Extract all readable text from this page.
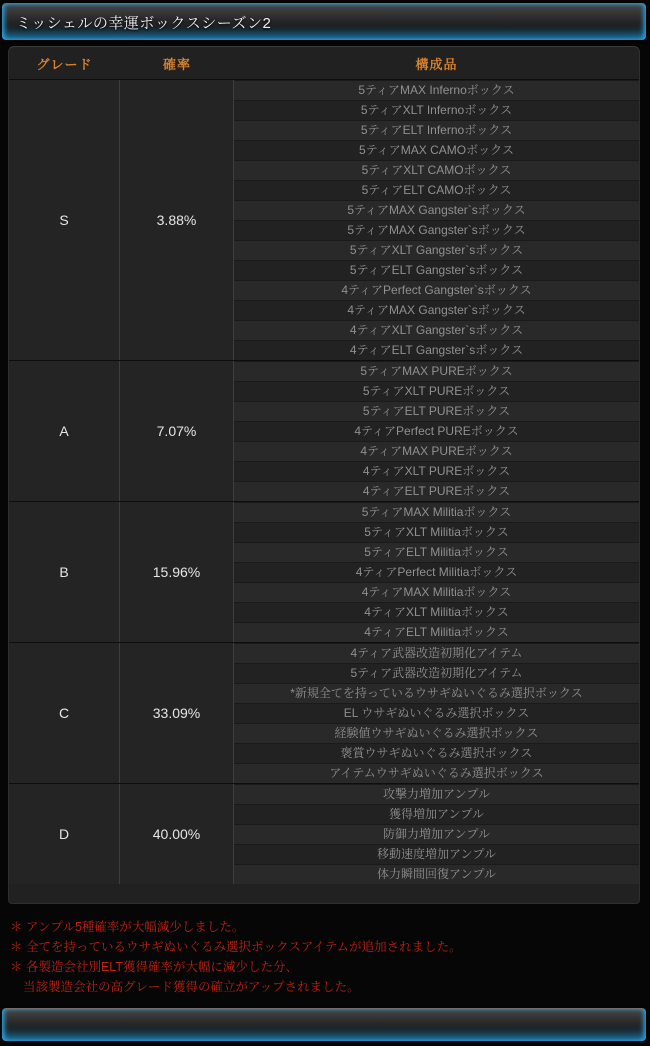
ミッシェルの幸運ボックスシーズン2
グレード	確率	構成品
S	3.88%
5ティアMAX Infernoボックス
5ティアXLT Infernoボックス
5ティアELT Infernoボックス
5ティアMAX CAMOボックス
5ティアXLT CAMOボックス
5ティアELT CAMOボックス
5ティアMAX Gangster`sボックス
5ティアMAX Gangster`sボックス
5ティアXLT Gangster`sボックス
5ティアELT Gangster`sボックス
4ティアPerfect Gangster`sボックス
4ティアMAX Gangster`sボックス
4ティアXLT Gangster`sボックス
4ティアELT Gangster`sボックス
A	7.07%
5ティアMAX PUREボックス
5ティアXLT PUREボックス
5ティアELT PUREボックス
4ティアPerfect PUREボックス
4ティアMAX PUREボックス
4ティアXLT PUREボックス
4ティアELT PUREボックス
B	15.96%
5ティアMAX Militiaボックス
5ティアXLT Militiaボックス
5ティアELT Militiaボックス
4ティアPerfect Militiaボックス
4ティアMAX Militiaボックス
4ティアXLT Militiaボックス
4ティアELT Militiaボックス
C	33.09%
4ティア武器改造初期化アイテム
5ティア武器改造初期化アイテム
*新規全てを持っているウサギぬいぐるみ選択ボックス
EL ウサギぬいぐるみ選択ボックス
経験値ウサギぬいぐるみ選択ボックス
褒賞ウサギぬいぐるみ選択ボックス
アイテムウサギぬいぐるみ選択ボックス
D	40.00%
攻撃力増加アンプル
獲得増加アンプル
防御力増加アンプル
移動速度増加アンプル
体力瞬間回復アンプル
＊ アンプル5種確率が大幅減少しました。
＊ 全てを持っているウサギぬいぐるみ選択ボックスアイテムが追加されました。
＊ 各製造会社別ELT獲得確率が大幅に減少した分、
当該製造会社の高グレード獲得の確立がアップされました。
